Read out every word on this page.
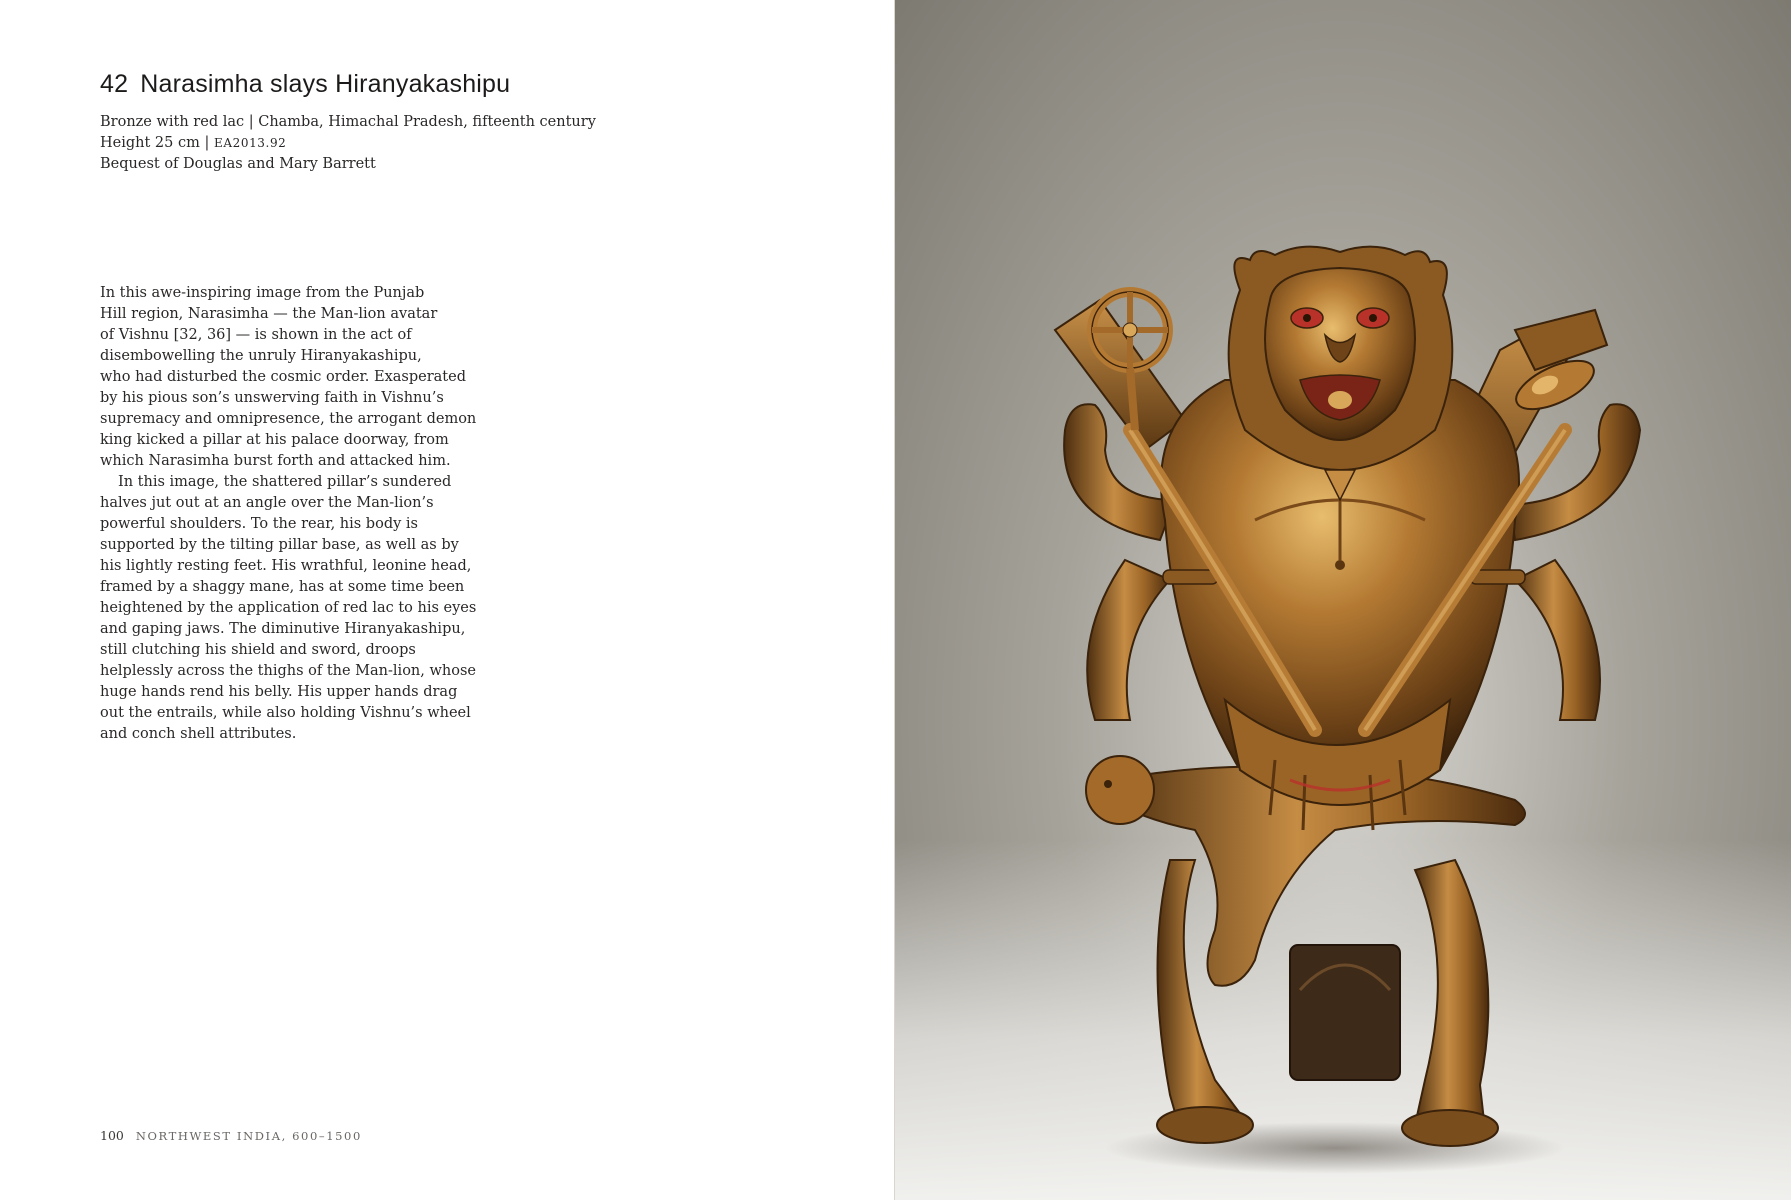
42 Narasimha slays Hiranyakashipu
Bronze with red lac | Chamba, Himachal Pradesh, fifteenth century
Height 25 cm | EA2013.92
Bequest of Douglas and Mary Barrett
In this awe-inspiring image from the Punjab
Hill region, Narasimha — the Man-lion avatar
of Vishnu [32, 36] — is shown in the act of
disembowelling the unruly Hiranyakashipu,
who had disturbed the cosmic order. Exasperated
by his pious son’s unswerving faith in Vishnu’s
supremacy and omnipresence, the arrogant demon
king kicked a pillar at his palace doorway, from
which Narasimha burst forth and attacked him.
In this image, the shattered pillar’s sundered
halves jut out at an angle over the Man-lion’s
powerful shoulders. To the rear, his body is
supported by the tilting pillar base, as well as by
his lightly resting feet. His wrathful, leonine head,
framed by a shaggy mane, has at some time been
heightened by the application of red lac to his eyes
and gaping jaws. The diminutive Hiranyakashipu,
still clutching his shield and sword, droops
helplessly across the thighs of the Man-lion, whose
huge hands rend his belly. His upper hands drag
out the entrails, while also holding Vishnu’s wheel
and conch shell attributes.
100 NORTHWEST INDIA, 600–1500
